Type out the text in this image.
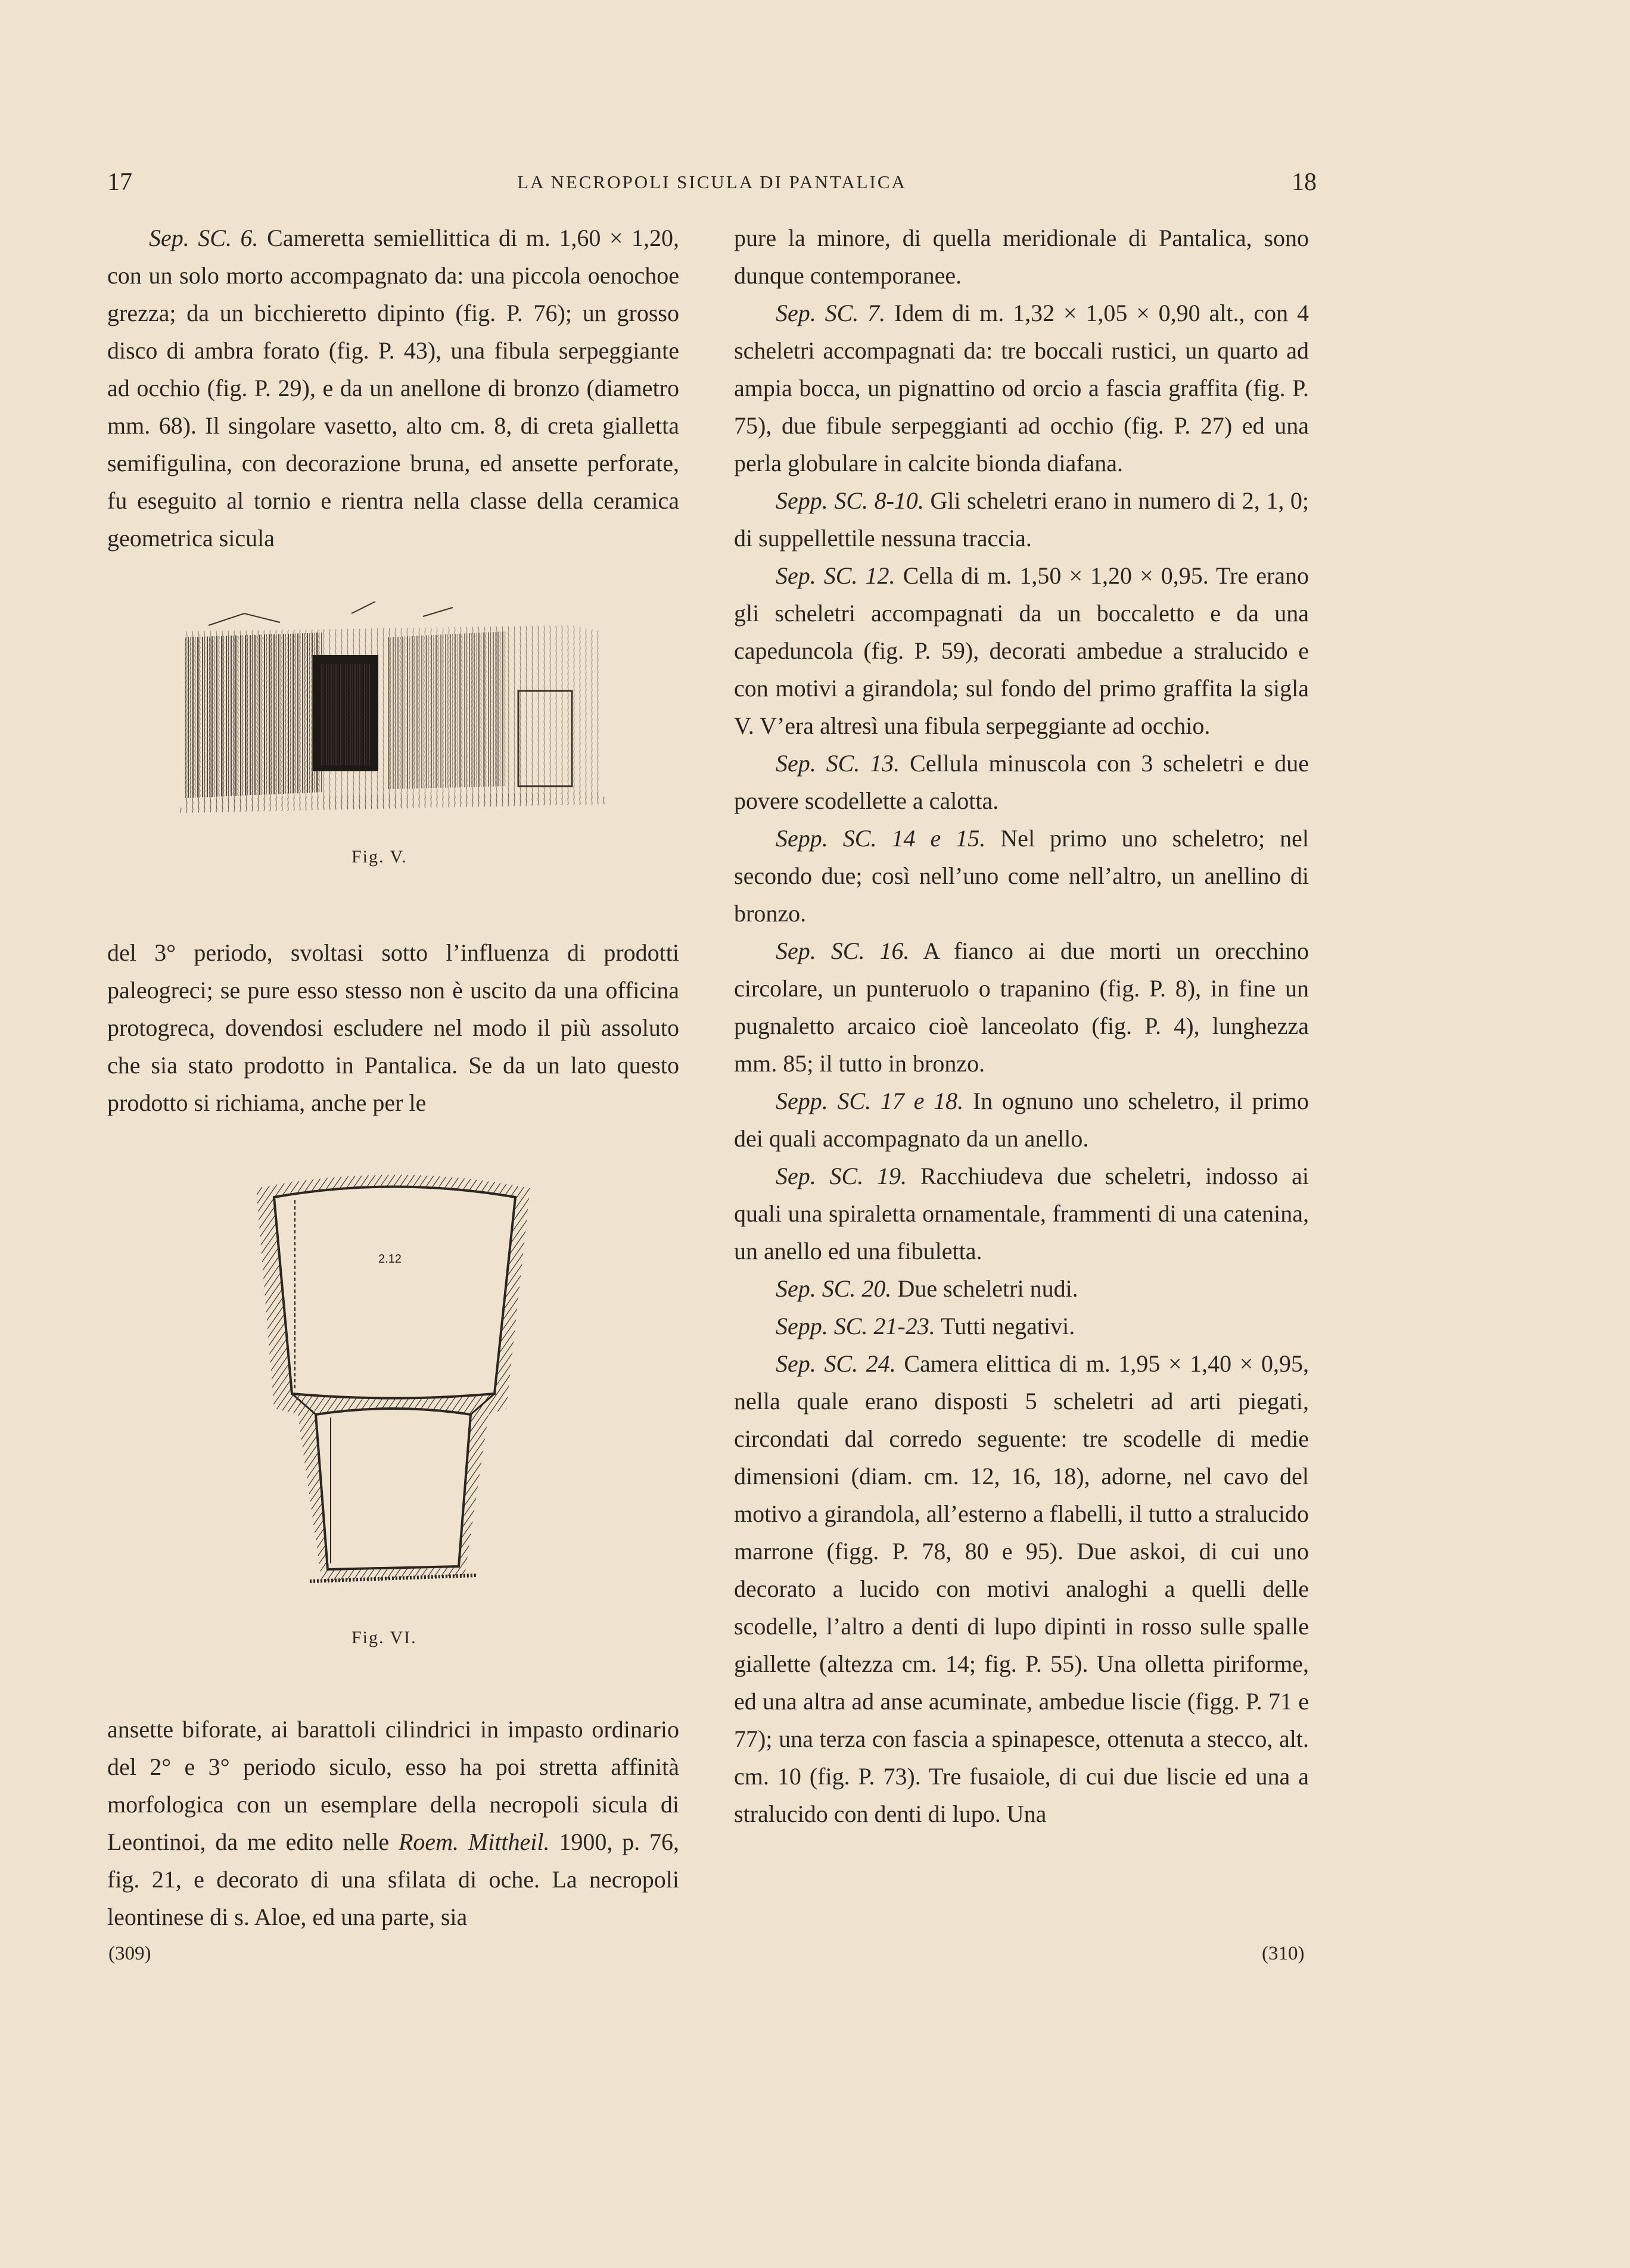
17	LA NECROPOLI SICULA DI PANTALICA	18

Sep. SC. 6. Cameretta semiellittica di m. 1,60 × 1,20, con un solo morto accompagnato da: una piccola oenochoe grezza; da un bicchieretto dipinto (fig. P. 76); un grosso disco di ambra forato (fig. P. 43), una fibula serpeggiante ad occhio (fig. P. 29), e da un anellone di bronzo (diametro mm. 68). Il singolare vasetto, alto cm. 8, di creta gialletta semifigulina, con decorazione bruna, ed ansette perforate, fu eseguito al tornio e rientra nella classe della ceramica geometrica sicula

Fig. V.

del 3° periodo, svoltasi sotto l’influenza di prodotti paleogreci; se pure esso stesso non è uscito da una officina protogreca, dovendosi escludere nel modo il più assoluto che sia stato prodotto in Pantalica. Se da un lato questo prodotto si richiama, anche per le

2.12
Fig. VI.

ansette biforate, ai barattoli cilindrici in impasto ordinario del 2° e 3° periodo siculo, esso ha poi stretta affinità morfologica con un esemplare della necropoli sicula di Leontinoi, da me edito nelle Roem. Mittheil. 1900, p. 76, fig. 21, e decorato di una sfilata di oche. La necropoli leontinese di s. Aloe, ed una parte, sia

(309)

pure la minore, di quella meridionale di Pantalica, sono dunque contemporanee.

Sep. SC. 7. Idem di m. 1,32 × 1,05 × 0,90 alt., con 4 scheletri accompagnati da: tre boccali rustici, un quarto ad ampia bocca, un pignattino od orcio a fascia graffita (fig. P. 75), due fibule serpeggianti ad occhio (fig. P. 27) ed una perla globulare in calcite bionda diafana.

Sepp. SC. 8-10. Gli scheletri erano in numero di 2, 1, 0; di suppellettile nessuna traccia.

Sep. SC. 12. Cella di m. 1,50 × 1,20 × 0,95. Tre erano gli scheletri accompagnati da un boccaletto e da una capeduncola (fig. P. 59), decorati ambedue a stralucido e con motivi a girandola; sul fondo del primo graffita la sigla V. V’era altresì una fibula serpeggiante ad occhio.

Sep. SC. 13. Cellula minuscola con 3 scheletri e due povere scodellette a calotta.

Sepp. SC. 14 e 15. Nel primo uno scheletro; nel secondo due; così nell’uno come nell’altro, un anellino di bronzo.

Sep. SC. 16. A fianco ai due morti un orecchino circolare, un punteruolo o trapanino (fig. P. 8), in fine un pugnaletto arcaico cioè lanceolato (fig. P. 4), lunghezza mm. 85; il tutto in bronzo.

Sepp. SC. 17 e 18. In ognuno uno scheletro, il primo dei quali accompagnato da un anello.

Sep. SC. 19. Racchiudeva due scheletri, indosso ai quali una spiraletta ornamentale, frammenti di una catenina, un anello ed una fibuletta.

Sep. SC. 20. Due scheletri nudi.

Sepp. SC. 21-23. Tutti negativi.

Sep. SC. 24. Camera elittica di m. 1,95 × 1,40 × 0,95, nella quale erano disposti 5 scheletri ad arti piegati, circondati dal corredo seguente: tre scodelle di medie dimensioni (diam. cm. 12, 16, 18), adorne, nel cavo del motivo a girandola, all’esterno a flabelli, il tutto a stralucido marrone (figg. P. 78, 80 e 95). Due askoi, di cui uno decorato a lucido con motivi analoghi a quelli delle scodelle, l’altro a denti di lupo dipinti in rosso sulle spalle giallette (altezza cm. 14; fig. P. 55). Una olletta piriforme, ed una altra ad anse acuminate, ambedue liscie (figg. P. 71 e 77); una terza con fascia a spinapesce, ottenuta a stecco, alt. cm. 10 (fig. P. 73). Tre fusaiole, di cui due liscie ed una a stralucido con denti di lupo. Una

(310)
